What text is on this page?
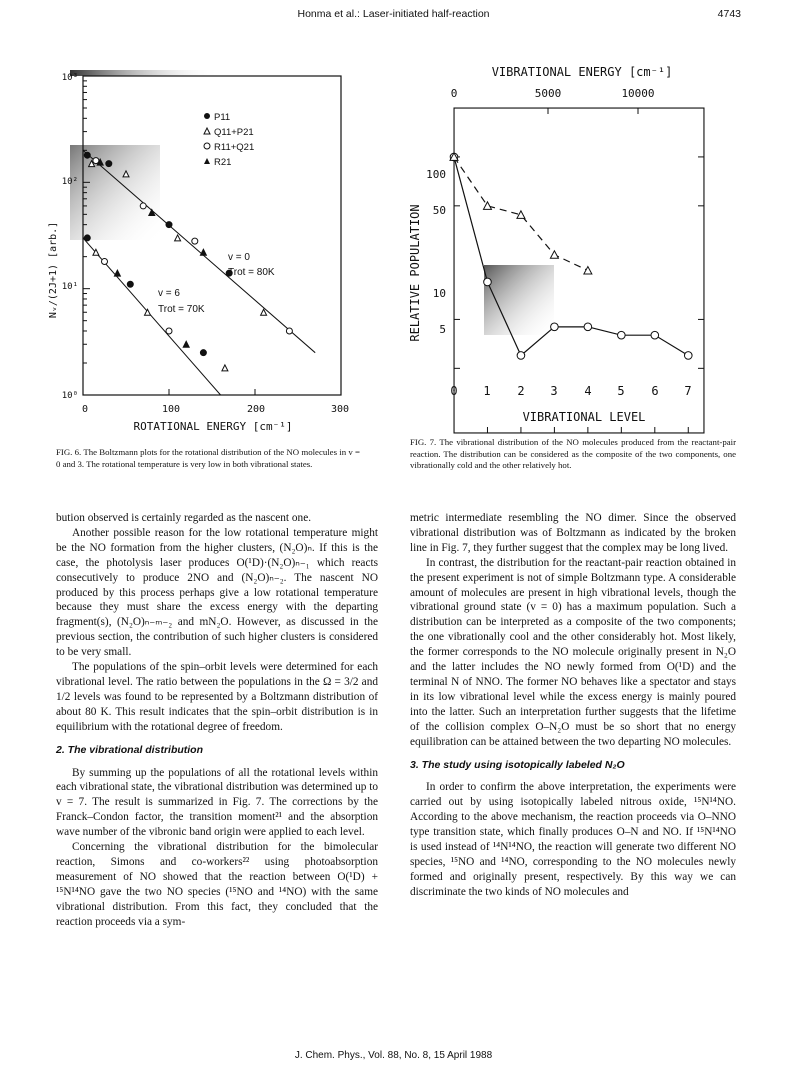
Honma et al.: Laser-initiated half-reaction	4743
ROTATIONAL ENERGY [cm⁻¹]
Nᵥ/(2J+1) [arb.]
0	100	200	300
10³
10²
10¹
10⁰
P11
Q11+P21
R11+Q21
R21
v = 0
Trot = 80K
v = 6
Trot = 70K
FIG. 6. The Boltzmann plots for the rotational distribution of the NO molecules in v = 0 and 3. The rotational temperature is very low in both vibrational states.
VIBRATIONAL ENERGY [cm⁻¹]
0	5000	10000
RELATIVE POPULATION
100
50
10
5
VIBRATIONAL LEVEL
0 1 2 3 4 5 6 7
FIG. 7. The vibrational distribution of the NO molecules produced from the reactant-pair reaction. The distribution can be considered as the composite of the two components, one vibrationally cold and the other relatively hot.

bution observed is certainly regarded as the nascent one.

Another possible reason for the low rotational temperature might be the NO formation from the higher clusters, (N₂O)ₙ. If this is the case, the photolysis laser produces O(¹D)·(N₂O)ₙ₋₁ which reacts consecutively to produce 2NO and (N₂O)ₙ₋₂. The nascent NO produced by this process perhaps give a low rotational temperature because they must share the excess energy with the departing fragment(s), (N₂O)ₙ₋ₘ₋₂ and mN₂O. However, as discussed in the previous section, the contribution of such higher clusters is considered to be very small.

The populations of the spin–orbit levels were determined for each vibrational level. The ratio between the populations in the Ω = 3/2 and 1/2 levels was found to be represented by a Boltzmann distribution of about 80 K. This result indicates that the spin–orbit distribution is in equilibrium with the rotational degree of freedom.

2. The vibrational distribution

By summing up the populations of all the rotational levels within each vibrational state, the vibrational distribution was determined up to v = 7. The result is summarized in Fig. 7. The corrections by the Franck–Condon factor, the transition moment²¹ and the absorption wave number of the vibronic band origin were applied to each level.

Concerning the vibrational distribution for the bimolecular reaction, Simons and co-workers²² using photoabsorption measurement of NO showed that the reaction between O(¹D) + ¹⁵N¹⁴NO gave the two NO species (¹⁵NO and ¹⁴NO) with the same vibrational distribution. From this fact, they concluded that the reaction proceeds via a sym-

metric intermediate resembling the NO dimer. Since the observed vibrational distribution was of Boltzmann as indicated by the broken line in Fig. 7, they further suggest that the complex may be long lived.

In contrast, the distribution for the reactant-pair reaction obtained in the present experiment is not of simple Boltzmann type. A considerable amount of molecules are present in high vibrational levels, though the vibrational ground state (v = 0) has a maximum population. Such a distribution can be interpreted as a composite of the two components; the one vibrationally cool and the other considerably hot. Most likely, the former corresponds to the NO molecule originally present in N₂O and the latter includes the NO newly formed from O(¹D) and the terminal N of NNO. The former NO behaves like a spectator and stays in its low vibrational level while the excess energy is mainly poured into the latter. Such an interpretation further suggests that the lifetime of the collision complex O–N₂O must be so short that no energy equilibration can be attained between the two departing NO molecules.

3. The study using isotopically labeled N₂O

In order to confirm the above interpretation, the experiments were carried out by using isotopically labeled nitrous oxide, ¹⁵N¹⁴NO. According to the above mechanism, the reaction proceeds via O–NNO type transition state, which finally produces O–N and NO. If ¹⁵N¹⁴NO is used instead of ¹⁴N¹⁴NO, the reaction will generate two different NO species, ¹⁵NO and ¹⁴NO, corresponding to the NO molecules newly formed and originally present, respectively. By this way we can discriminate the two kinds of NO molecules and

J. Chem. Phys., Vol. 88, No. 8, 15 April 1988
